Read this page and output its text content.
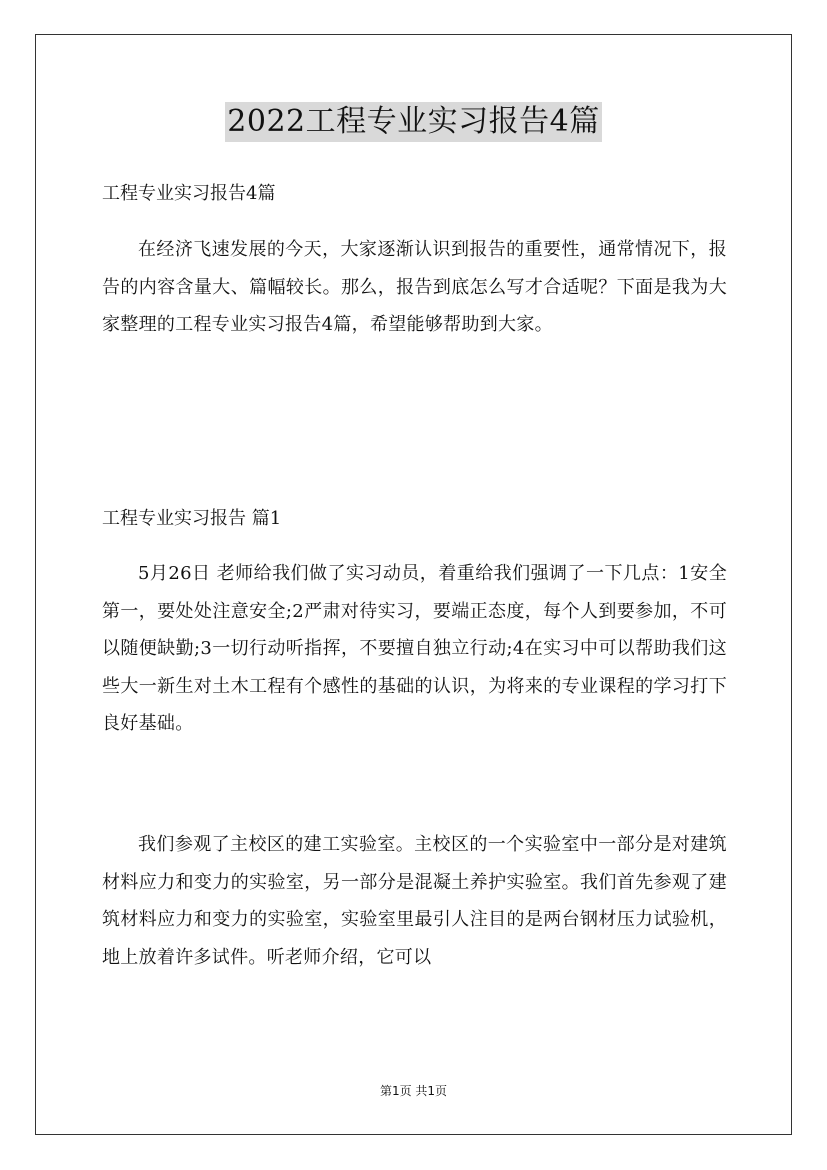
2022工程专业实习报告4篇

工程专业实习报告4篇

在经济飞速发展的今天，大家逐渐认识到报告的重要性，通常情况下，报告的内容含量大、篇幅较长。那么，报告到底怎么写才合适呢？下面是我为大家整理的工程专业实习报告4篇，希望能够帮助到大家。

工程专业实习报告 篇1

5月26日 老师给我们做了实习动员，着重给我们强调了一下几点：1安全第一，要处处注意安全;2严肃对待实习，要端正态度，每个人到要参加，不可以随便缺勤;3一切行动听指挥，不要擅自独立行动;4在实习中可以帮助我们这些大一新生对土木工程有个感性的基础的认识，为将来的专业课程的学习打下良好基础。

我们参观了主校区的建工实验室。主校区的一个实验室中一部分是对建筑材料应力和变力的实验室，另一部分是混凝土养护实验室。我们首先参观了建筑材料应力和变力的实验室，实验室里最引人注目的是两台钢材压力试验机，地上放着许多试件。听老师介绍，它可以

第1页 共1页
